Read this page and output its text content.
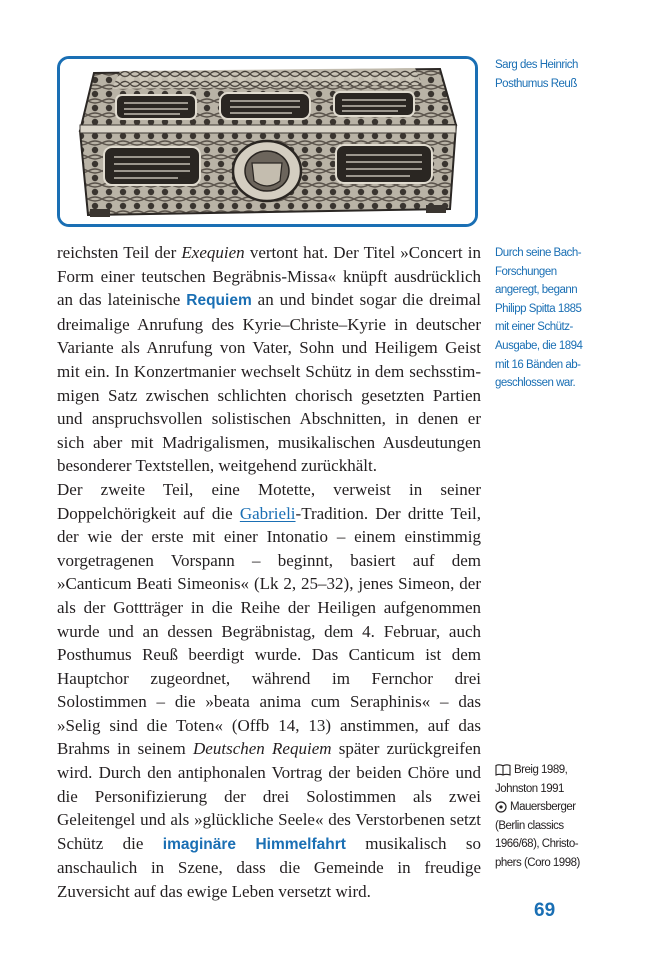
Sarg des Heinrich
Posthumus Reuß

reichsten Teil der Exequien vertont hat. Der Titel »Concert in Form einer teutschen Begräbnis-Missa« knüpft ausdrücklich an das lateinische Requiem an und bindet sogar die dreimal dreimalige Anrufung des Kyrie–Christe–Kyrie in deutscher Variante als Anrufung von Vater, Sohn und Heiligem Geist mit ein. In Konzertmanier wechselt Schütz in dem sechsstimmigen Satz zwischen schlichten chorisch gesetzten Partien und anspruchsvollen solistischen Abschnitten, in denen er sich aber mit Madrigalismen, musikalischen Ausdeutungen besonderer Textstellen, weitgehend zurückhält.

Der zweite Teil, eine Motette, verweist in seiner Doppelchörigkeit auf die Gabrieli-Tradition. Der dritte Teil, der wie der erste mit einer Intonatio – einem einstimmig vorgetragenen Vorspann – beginnt, basiert auf dem »Canticum Beati Simeonis« (Lk 2, 25–32), jenes Simeon, der als der Gottträger in die Reihe der Heiligen aufgenommen wurde und an dessen Begräbnistag, dem 4. Februar, auch Posthumus Reuß beerdigt wurde. Das Canticum ist dem Hauptchor zugeordnet, während im Fernchor drei Solostimmen – die »beata anima cum Seraphinis« – das »Selig sind die Toten« (Offb 14, 13) anstimmen, auf das Brahms in seinem Deutschen Requiem später zurückgreifen wird. Durch den antiphonalen Vortrag der beiden Chöre und die Personifizierung der drei Solostimmen als zwei Geleitengel und als »glückliche Seele« des Verstorbenen setzt Schütz die imaginäre Himmelfahrt musikalisch so anschaulich in Szene, dass die Gemeinde in freudige Zuversicht auf das ewige Leben versetzt wird.

Durch seine Bach-
Forschungen
angeregt, begann
Philipp Spitta 1885
mit einer Schütz-
Ausgabe, die 1894
mit 16 Bänden ab-
geschlossen war.
Breig 1989,
Johnston 1991
Mauersberger
(Berlin classics
1966/68), Christo-
phers (Coro 1998)
69
